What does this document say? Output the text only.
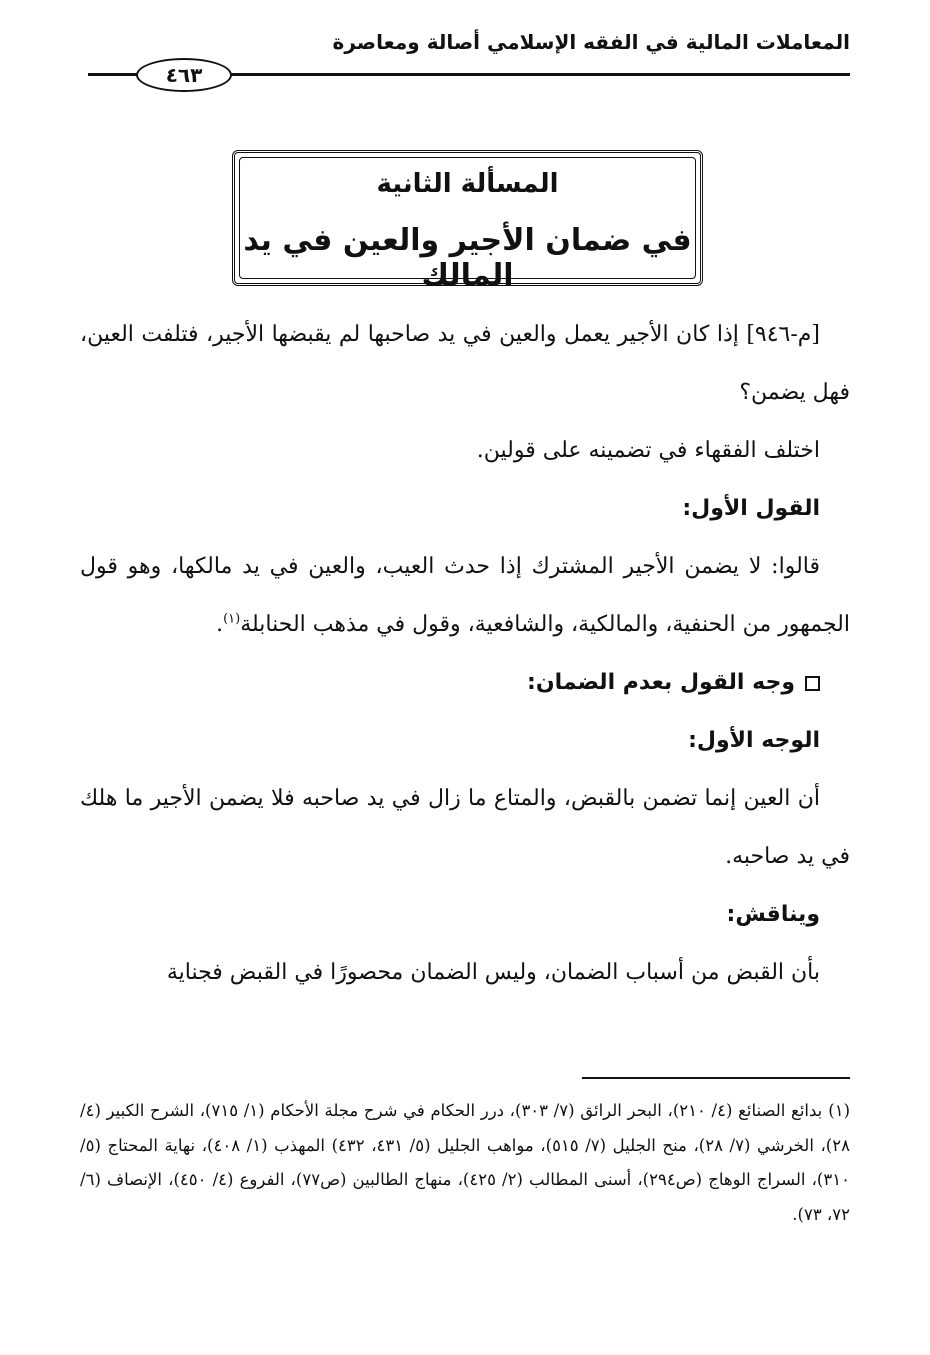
المعاملات المالية في الفقه الإسلامي أصالة ومعاصرة
٤٦٣
المسألة الثانية
في ضمان الأجير والعين في يد المالك

[م-٩٤٦] إذا كان الأجير يعمل والعين في يد صاحبها لم يقبضها الأجير، فتلفت العين، فهل يضمن؟

اختلف الفقهاء في تضمينه على قولين.

القول الأول:

قالوا: لا يضمن الأجير المشترك إذا حدث العيب، والعين في يد مالكها، وهو قول الجمهور من الحنفية، والمالكية، والشافعية، وقول في مذهب الحنابلة$^{(١)}$.

وجه القول بعدم الضمان:

الوجه الأول:

أن العين إنما تضمن بالقبض، والمتاع ما زال في يد صاحبه فلا يضمن الأجير ما هلك في يد صاحبه.

ويناقش:

بأن القبض من أسباب الضمان، وليس الضمان محصورًا في القبض فجناية

(١)بدائع الصنائع (٤/ ٢١٠)، البحر الرائق (٧/ ٣٠٣)، درر الحكام في شرح مجلة الأحكام (١/ ٧١٥)، الشرح الكبير (٤/ ٢٨)، الخرشي (٧/ ٢٨)، منح الجليل (٧/ ٥١٥)، مواهب الجليل (٥/ ٤٣١، ٤٣٢) المهذب (١/ ٤٠٨)، نهاية المحتاج (٥/ ٣١٠)، السراج الوهاج (ص٢٩٤)، أسنى المطالب (٢/ ٤٢٥)، منهاج الطالبين (ص٧٧)، الفروع (٤/ ٤٥٠)، الإنصاف (٦/ ٧٢، ٧٣).
